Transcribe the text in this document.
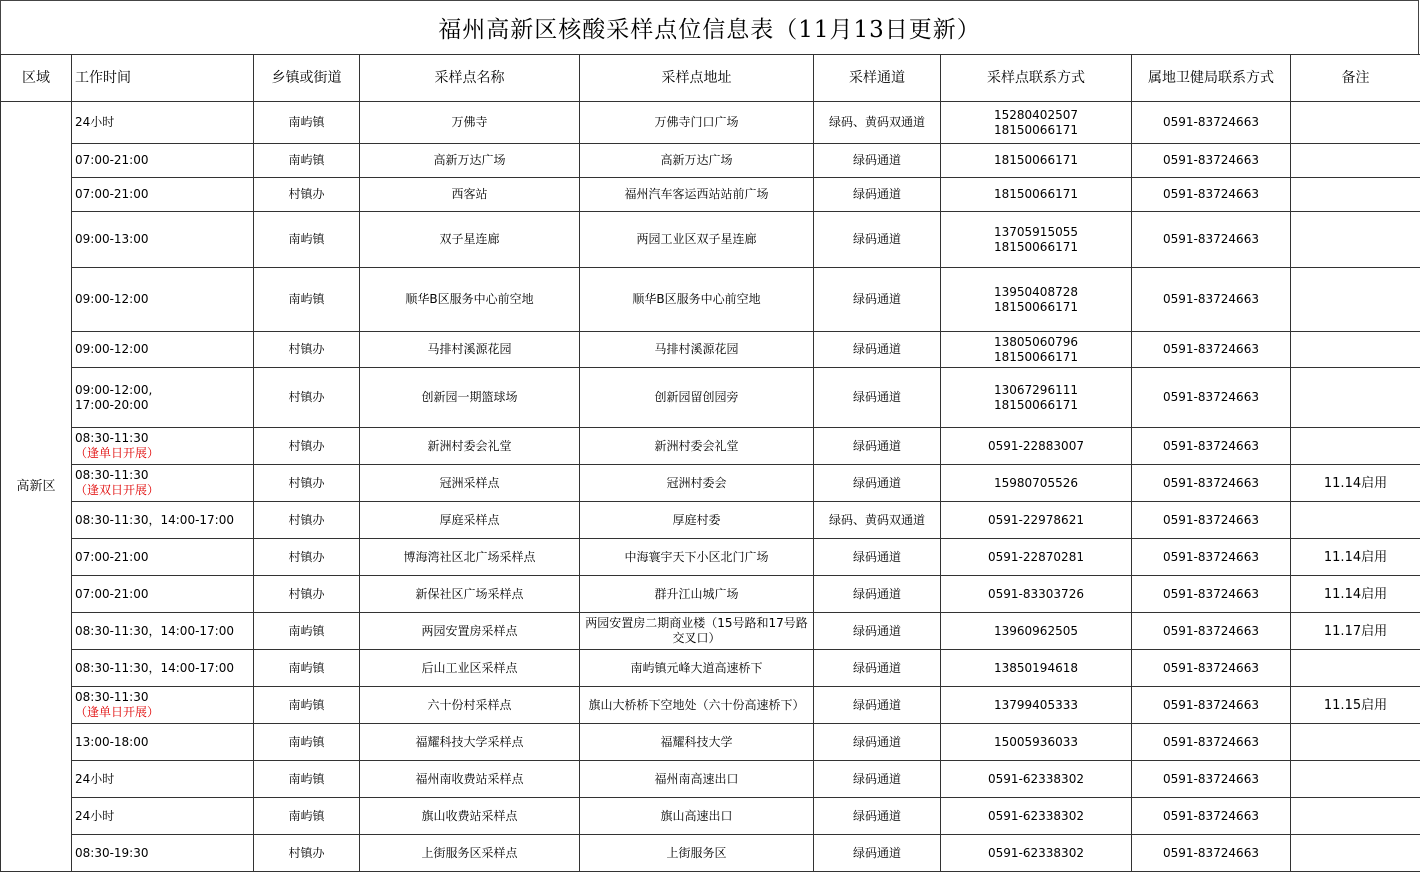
福州高新区核酸采样点位信息表（11月13日更新）
区域	工作时间	乡镇或街道	采样点名称	采样点地址	采样通道	采样点联系方式	属地卫健局联系方式	备注
高新区	24小时	南屿镇	万佛寺	万佛寺门口广场	绿码、黄码双通道	15280402507
18150066171	0591-83724663	

	07:00-21:00	南屿镇	高新万达广场	高新万达广场	绿码通道	18150066171	0591-83724663	

	07:00-21:00	村镇办	西客站	福州汽车客运西站站前广场	绿码通道	18150066171	0591-83724663	

	09:00-13:00	南屿镇	双子星连廊	两园工业区双子星连廊	绿码通道	13705915055
18150066171	0591-83724663	

	09:00-12:00	南屿镇	顺华B区服务中心前空地	顺华B区服务中心前空地	绿码通道	13950408728
18150066171	0591-83724663	

	09:00-12:00	村镇办	马排村溪源花园	马排村溪源花园	绿码通道	13805060796
18150066171	0591-83724663	

	09:00-12:00,
17:00-20:00	村镇办	创新园一期篮球场	创新园留创园旁	绿码通道	13067296111
18150066171	0591-83724663	

	08:30-11:30
（逢单日开展）	村镇办	新洲村委会礼堂	新洲村委会礼堂	绿码通道	0591-22883007	0591-83724663	

	08:30-11:30
（逢双日开展）	村镇办	冠洲采样点	冠洲村委会	绿码通道	15980705526	0591-83724663	11.14启用

	08:30-11:30，14:00-17:00	村镇办	厚庭采样点	厚庭村委	绿码、黄码双通道	0591-22978621	0591-83724663	

	07:00-21:00	村镇办	博海湾社区北广场采样点	中海寰宇天下小区北门广场	绿码通道	0591-22870281	0591-83724663	11.14启用

	07:00-21:00	村镇办	新保社区广场采样点	群升江山城广场	绿码通道	0591-83303726	0591-83724663	11.14启用

	08:30-11:30，14:00-17:00	南屿镇	两园安置房采样点	两园安置房二期商业楼（15号路和17号路交叉口）	绿码通道	13960962505	0591-83724663	11.17启用

	08:30-11:30，14:00-17:00	南屿镇	后山工业区采样点	南屿镇元峰大道高速桥下	绿码通道	13850194618	0591-83724663	

	08:30-11:30
（逢单日开展）	南屿镇	六十份村采样点	旗山大桥桥下空地处（六十份高速桥下）	绿码通道	13799405333	0591-83724663	11.15启用

	13:00-18:00	南屿镇	福耀科技大学采样点	福耀科技大学	绿码通道	15005936033	0591-83724663	

	24小时	南屿镇	福州南收费站采样点	福州南高速出口	绿码通道	0591-62338302	0591-83724663	

	24小时	南屿镇	旗山收费站采样点	旗山高速出口	绿码通道	0591-62338302	0591-83724663	

	08:30-19:30	村镇办	上街服务区采样点	上街服务区	绿码通道	0591-62338302	0591-83724663	
